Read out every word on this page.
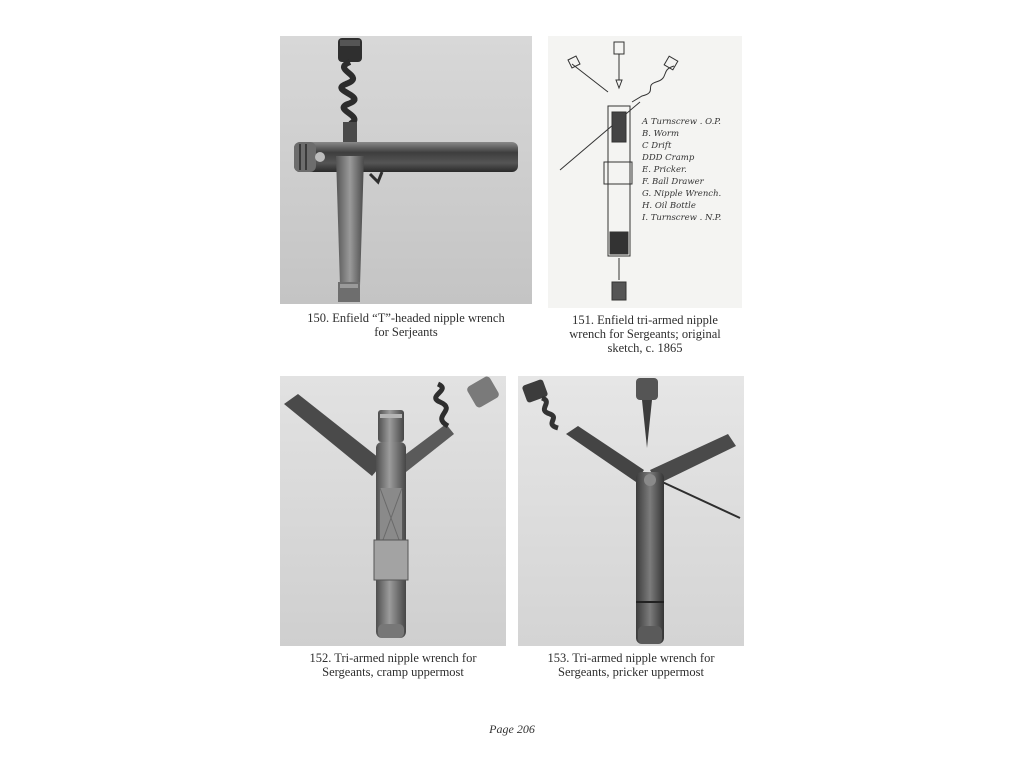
150. Enfield “T”-headed nipple wrench
for Serjeants
A Turnscrew . O.P.
B. Worm
C Drift
DDD Cramp
E. Pricker.
F. Ball Drawer
G. Nipple Wrench.
H. Oil Bottle
I. Turnscrew . N.P.
151. Enfield tri-armed nipple
wrench for Sergeants; original
sketch, c. 1865
152. Tri-armed nipple wrench for
Sergeants, cramp uppermost
153. Tri-armed nipple wrench for
Sergeants, pricker uppermost
Page 206
